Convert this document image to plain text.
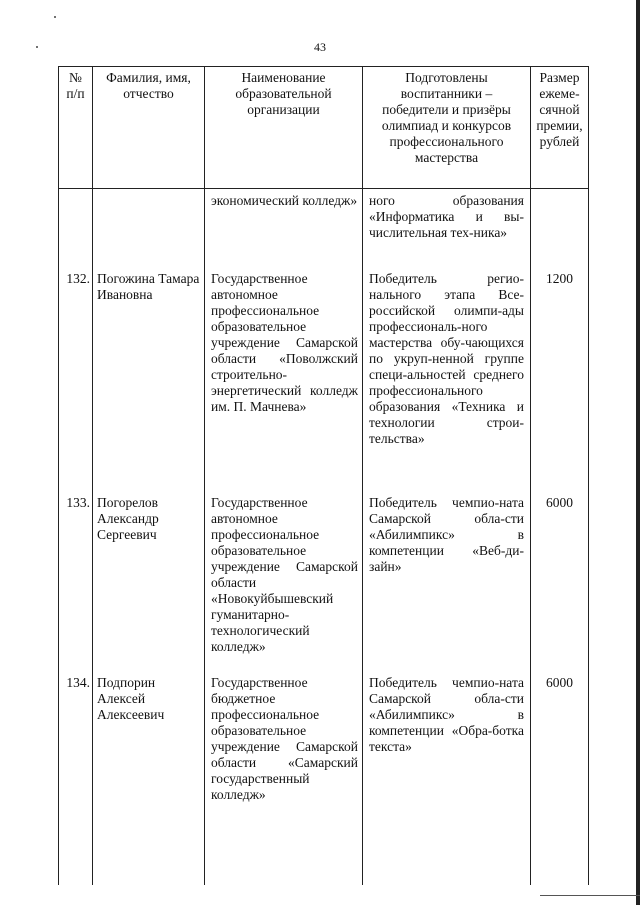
43
№ п/п	Фамилия, имя, отчество	Наименование образовательной организации	Подготовлены воспитанники – победители и призёры олимпиад и конкурсов профессионального мастерства	Размер ежеме-сячной премии, рублей
		экономический колледж»	ного образования «Информатика и вы-числительная тех-ника»	
132.	Погожина Тамара Ивановна	Государственное автономное профессиональное образовательное учреждение Самарской области «Поволжский строительно-энергетический колледж им. П. Мачнева»	Победитель регио-нального этапа Все-российской олимпи-ады профессиональ-ного мастерства обу-чающихся по укруп-ненной группе специ-альностей среднего профессионального образования «Техника и технологии строи-тельства»	1200
133.	Погорелов Александр Сергеевич	Государственное автономное профессиональное образовательное учреждение Самарской области «Новокуйбышевский гуманитарно-технологический колледж»	Победитель чемпио-ната Самарской обла-сти «Абилимпикс» в компетенции «Веб-ди-зайн»	6000
134.	Подпорин Алексей Алексеевич	Государственное бюджетное профессиональное образовательное учреждение Самарской области «Самарский государственный колледж»	Победитель чемпио-ната Самарской обла-сти «Абилимпикс» в компетенции «Обра-ботка текста»	6000
